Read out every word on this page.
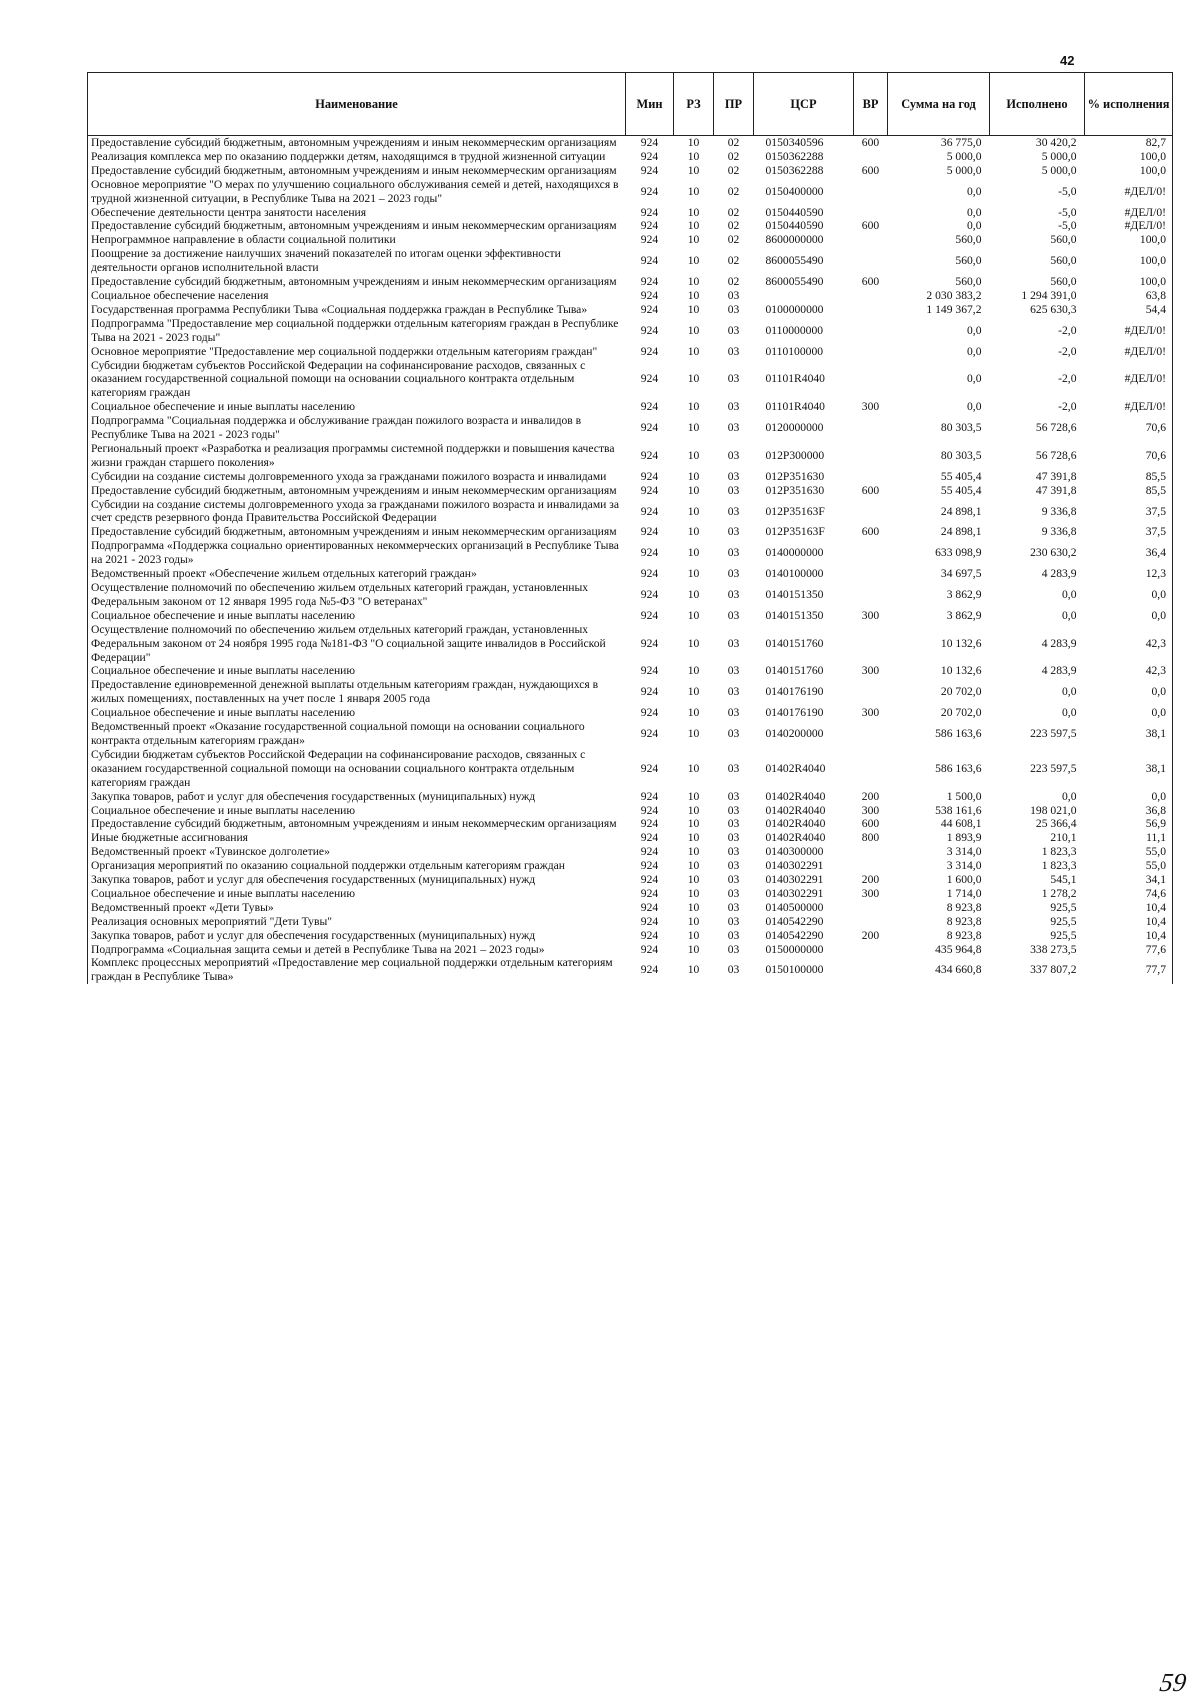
42
Наименование	Мин	РЗ	ПР	ЦСР	ВР	Сумма на год	Исполнено	% исполнения
Предоставление субсидий бюджетным, автономным учреждениям и иным некоммерческим организациям	924	10	02	0150340596	600	36 775,0	30 420,2	82,7
Реализация комплекса мер по оказанию поддержки детям, находящимся в трудной жизненной ситуации	924	10	02	0150362288		5 000,0	5 000,0	100,0
Предоставление субсидий бюджетным, автономным учреждениям и иным некоммерческим организациям	924	10	02	0150362288	600	5 000,0	5 000,0	100,0
Основное мероприятие "О мерах по улучшению социального обслуживания семей и детей, находящихся в трудной жизненной ситуации, в Республике Тыва на 2021 – 2023 годы"	924	10	02	0150400000		0,0	-5,0	#ДЕЛ/0!
Обеспечение деятельности центра занятости населения	924	10	02	0150440590		0,0	-5,0	#ДЕЛ/0!
Предоставление субсидий бюджетным, автономным учреждениям и иным некоммерческим организациям	924	10	02	0150440590	600	0,0	-5,0	#ДЕЛ/0!
Непрограммное направление в области социальной политики	924	10	02	8600000000		560,0	560,0	100,0
Поощрение за достижение наилучших значений показателей по итогам оценки эффективности деятельности органов исполнительной власти	924	10	02	8600055490		560,0	560,0	100,0
Предоставление субсидий бюджетным, автономным учреждениям и иным некоммерческим организациям	924	10	02	8600055490	600	560,0	560,0	100,0
Социальное обеспечение населения	924	10	03			2 030 383,2	1 294 391,0	63,8
Государственная программа Республики Тыва «Социальная поддержка граждан в Республике Тыва»	924	10	03	0100000000		1 149 367,2	625 630,3	54,4
Подпрограмма "Предоставление мер социальной поддержки отдельным категориям граждан в Республике Тыва на 2021 - 2023 годы"	924	10	03	0110000000		0,0	-2,0	#ДЕЛ/0!
Основное мероприятие "Предоставление мер социальной поддержки отдельным категориям граждан"	924	10	03	0110100000		0,0	-2,0	#ДЕЛ/0!
Субсидии бюджетам субъектов Российской Федерации на софинансирование расходов, связанных с оказанием государственной социальной помощи на основании социального контракта отдельным категориям граждан	924	10	03	01101R4040		0,0	-2,0	#ДЕЛ/0!
Социальное обеспечение и иные выплаты населению	924	10	03	01101R4040	300	0,0	-2,0	#ДЕЛ/0!
Подпрограмма "Социальная поддержка и обслуживание граждан пожилого возраста и инвалидов в Республике Тыва на 2021 - 2023 годы"	924	10	03	0120000000		80 303,5	56 728,6	70,6
Региональный проект «Разработка и реализация программы системной поддержки и повышения качества жизни граждан старшего поколения»	924	10	03	012P300000		80 303,5	56 728,6	70,6
Субсидии на создание системы долговременного ухода за гражданами пожилого возраста и инвалидами	924	10	03	012P351630		55 405,4	47 391,8	85,5
Предоставление субсидий бюджетным, автономным учреждениям и иным некоммерческим организациям	924	10	03	012P351630	600	55 405,4	47 391,8	85,5
Субсидии на создание системы долговременного ухода за гражданами пожилого возраста и инвалидами за счет средств резервного фонда Правительства Российской Федерации	924	10	03	012P35163F		24 898,1	9 336,8	37,5
Предоставление субсидий бюджетным, автономным учреждениям и иным некоммерческим организациям	924	10	03	012P35163F	600	24 898,1	9 336,8	37,5
Подпрограмма «Поддержка социально ориентированных некоммерческих организаций в Республике Тыва на 2021 - 2023 годы»	924	10	03	0140000000		633 098,9	230 630,2	36,4
Ведомственный проект «Обеспечение жильем отдельных категорий граждан»	924	10	03	0140100000		34 697,5	4 283,9	12,3
Осуществление полномочий по обеспечению жильем отдельных категорий граждан, установленных Федеральным законом от 12 января 1995 года №5-ФЗ "О ветеранах"	924	10	03	0140151350		3 862,9	0,0	0,0
Социальное обеспечение и иные выплаты населению	924	10	03	0140151350	300	3 862,9	0,0	0,0
Осуществление полномочий по обеспечению жильем отдельных категорий граждан, установленных Федеральным законом от 24 ноября 1995 года №181-ФЗ "О социальной защите инвалидов в Российской Федерации"	924	10	03	0140151760		10 132,6	4 283,9	42,3
Социальное обеспечение и иные выплаты населению	924	10	03	0140151760	300	10 132,6	4 283,9	42,3
Предоставление единовременной денежной выплаты отдельным категориям граждан, нуждающихся в жилых помещениях, поставленных на учет после 1 января 2005 года	924	10	03	0140176190		20 702,0	0,0	0,0
Социальное обеспечение и иные выплаты населению	924	10	03	0140176190	300	20 702,0	0,0	0,0
Ведомственный проект «Оказание государственной социальной помощи на основании социального контракта отдельным категориям граждан»	924	10	03	0140200000		586 163,6	223 597,5	38,1
Субсидии бюджетам субъектов Российской Федерации на софинансирование расходов, связанных с оказанием государственной социальной помощи на основании социального контракта отдельным категориям граждан	924	10	03	01402R4040		586 163,6	223 597,5	38,1
Закупка товаров, работ и услуг для обеспечения государственных (муниципальных) нужд	924	10	03	01402R4040	200	1 500,0	0,0	0,0
Социальное обеспечение и иные выплаты населению	924	10	03	01402R4040	300	538 161,6	198 021,0	36,8
Предоставление субсидий бюджетным, автономным учреждениям и иным некоммерческим организациям	924	10	03	01402R4040	600	44 608,1	25 366,4	56,9
Иные бюджетные ассигнования	924	10	03	01402R4040	800	1 893,9	210,1	11,1
Ведомственный проект «Тувинское долголетие»	924	10	03	0140300000		3 314,0	1 823,3	55,0
Организация мероприятий по оказанию социальной поддержки отдельным категориям граждан	924	10	03	0140302291		3 314,0	1 823,3	55,0
Закупка товаров, работ и услуг для обеспечения государственных (муниципальных) нужд	924	10	03	0140302291	200	1 600,0	545,1	34,1
Социальное обеспечение и иные выплаты населению	924	10	03	0140302291	300	1 714,0	1 278,2	74,6
Ведомственный проект «Дети Тувы»	924	10	03	0140500000		8 923,8	925,5	10,4
Реализация основных мероприятий "Дети Тувы"	924	10	03	0140542290		8 923,8	925,5	10,4
Закупка товаров, работ и услуг для обеспечения государственных (муниципальных) нужд	924	10	03	0140542290	200	8 923,8	925,5	10,4
Подпрограмма «Социальная защита семьи и детей в Республике Тыва на 2021 – 2023 годы»	924	10	03	0150000000		435 964,8	338 273,5	77,6
Комплекс процессных мероприятий «Предоставление мер социальной поддержки отдельным категориям граждан в Республике Тыва»	924	10	03	0150100000		434 660,8	337 807,2	77,7
59
